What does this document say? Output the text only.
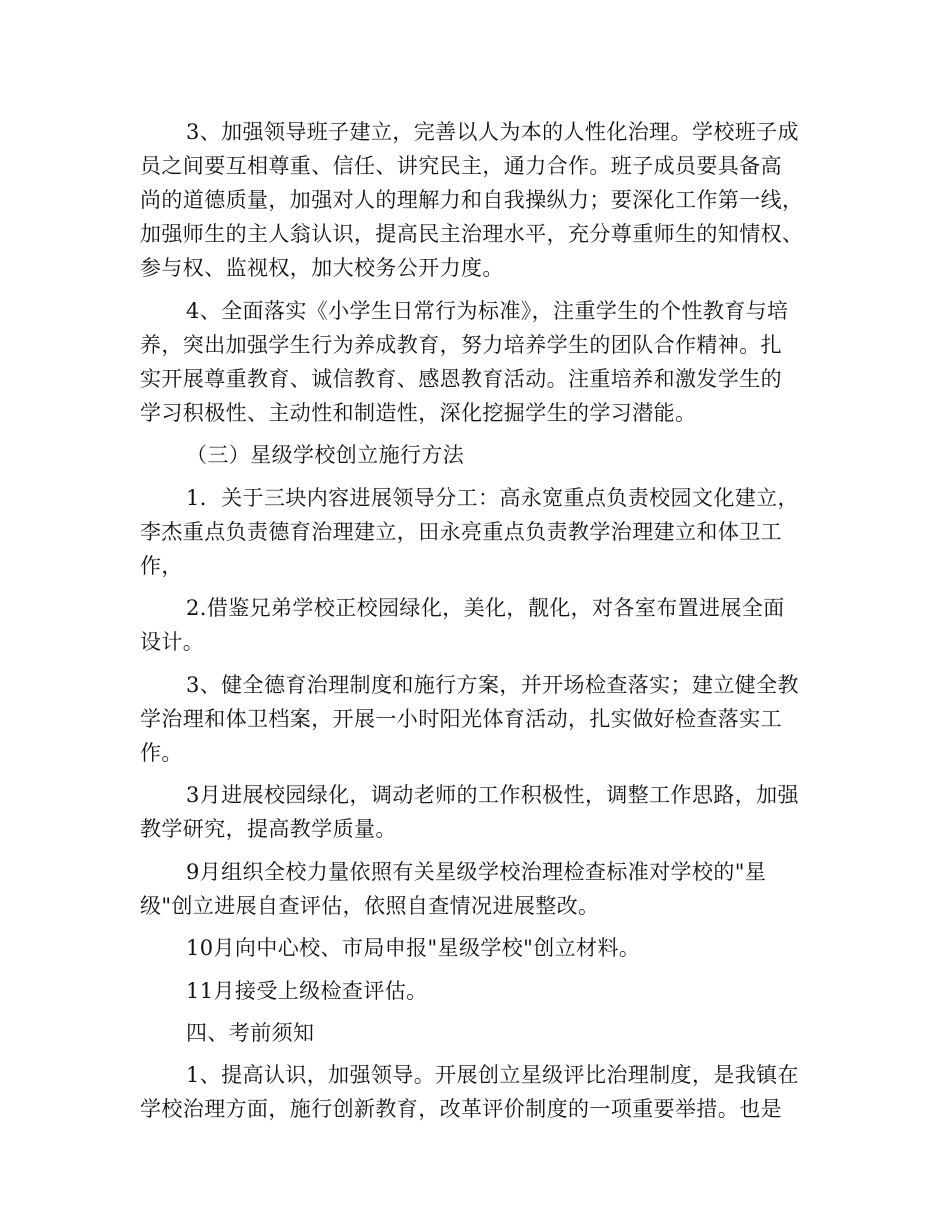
3、加强领导班子建立，完善以人为本的人性化治理。学校班子成
员之间要互相尊重、信任、讲究民主，通力合作。班子成员要具备高
尚的道德质量，加强对人的理解力和自我操纵力；要深化工作第一线，
加强师生的主人翁认识，提高民主治理水平，充分尊重师生的知情权、
参与权、监视权，加大校务公开力度。
4、全面落实《小学生日常行为标准》，注重学生的个性教育与培
养，突出加强学生行为养成教育，努力培养学生的团队合作精神。扎
实开展尊重教育、诚信教育、感恩教育活动。注重培养和激发学生的
学习积极性、主动性和制造性，深化挖掘学生的学习潜能。
（三）星级学校创立施行方法
1．关于三块内容进展领导分工：高永宽重点负责校园文化建立，
李杰重点负责德育治理建立，田永亮重点负责教学治理建立和体卫工
作，
2.借鉴兄弟学校正校园绿化，美化，靓化，对各室布置进展全面
设计。
3、健全德育治理制度和施行方案，并开场检查落实；建立健全教
学治理和体卫档案，开展一小时阳光体育活动，扎实做好检查落实工
作。
3月进展校园绿化，调动老师的工作积极性，调整工作思路，加强
教学研究，提高教学质量。
9月组织全校力量依照有关星级学校治理检查标准对学校的"星
级"创立进展自查评估，依照自查情况进展整改。
10月向中心校、市局申报"星级学校"创立材料。
11月接受上级检查评估。
四、考前须知
1、提高认识，加强领导。开展创立星级评比治理制度，是我镇在
学校治理方面，施行创新教育，改革评价制度的一项重要举措。也是
